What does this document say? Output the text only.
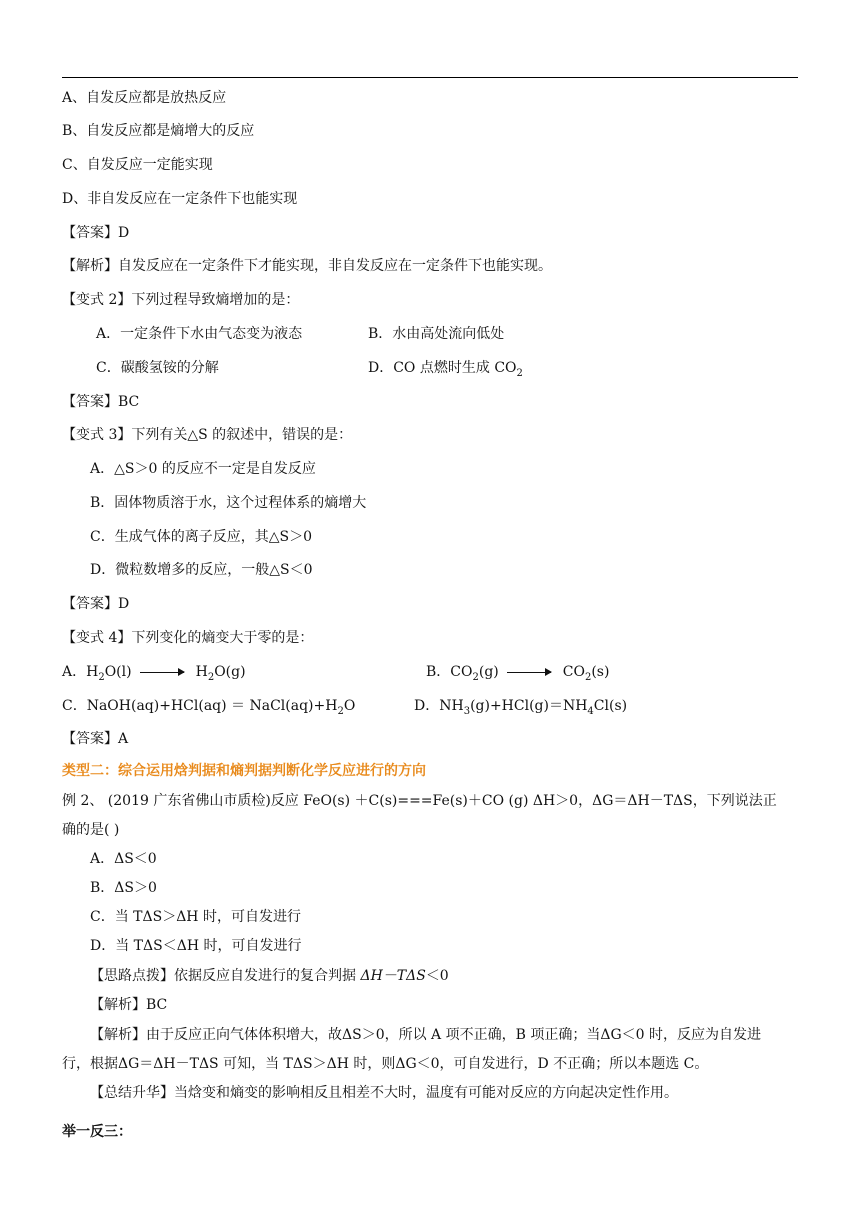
A、自发反应都是放热反应
B、自发反应都是熵增大的反应
C、自发反应一定能实现
D、非自发反应在一定条件下也能实现
【答案】D
【解析】自发反应在一定条件下才能实现，非自发反应在一定条件下也能实现。
【变式 2】下列过程导致熵增加的是：
A．一定条件下水由气态变为液态	B．水由高处流向低处
C．碳酸氢铵的分解	D．CO 点燃时生成 $CO_2$
【答案】BC
【变式 3】下列有关△S 的叙述中，错误的是：
A．△S＞0 的反应不一定是自发反应
B．固体物质溶于水，这个过程体系的熵增大
C．生成气体的离子反应，其△S＞0
D．微粒数增多的反应，一般△S＜0
【答案】D
【变式 4】下列变化的熵变大于零的是：
A．$H_2O(l) \to H_2O(g)$	B．$CO_2(g) \to CO_2(s)$
C．NaOH(aq)+HCl(aq) ＝ $NaCl(aq)+H_2O$	D．$NH_3(g)+HCl(g)=NH_4Cl(s)$
【答案】A
类型二：综合运用焓判据和熵判据判断化学反应进行的方向
例 2、 (2019 广东省佛山市质检)反应 FeO(s) ＋C(s)===Fe(s)＋CO (g) ΔH＞0，ΔG＝ΔH－TΔS，下列说法正
确的是( )
A．ΔS＜0
B．ΔS＞0
C．当 TΔS＞ΔH 时，可自发进行
D．当 TΔS＜ΔH 时，可自发进行
【思路点拨】依据反应自发进行的复合判据 ΔH－TΔS＜0
【解析】BC
【解析】由于反应正向气体体积增大，故ΔS＞0，所以 A 项不正确，B 项正确；当ΔG＜0 时，反应为自发进
行，根据ΔG＝ΔH－TΔS 可知，当 TΔS＞ΔH 时，则ΔG＜0，可自发进行，D 不正确；所以本题选 C。
【总结升华】当焓变和熵变的影响相反且相差不大时，温度有可能对反应的方向起决定性作用。
举一反三：
